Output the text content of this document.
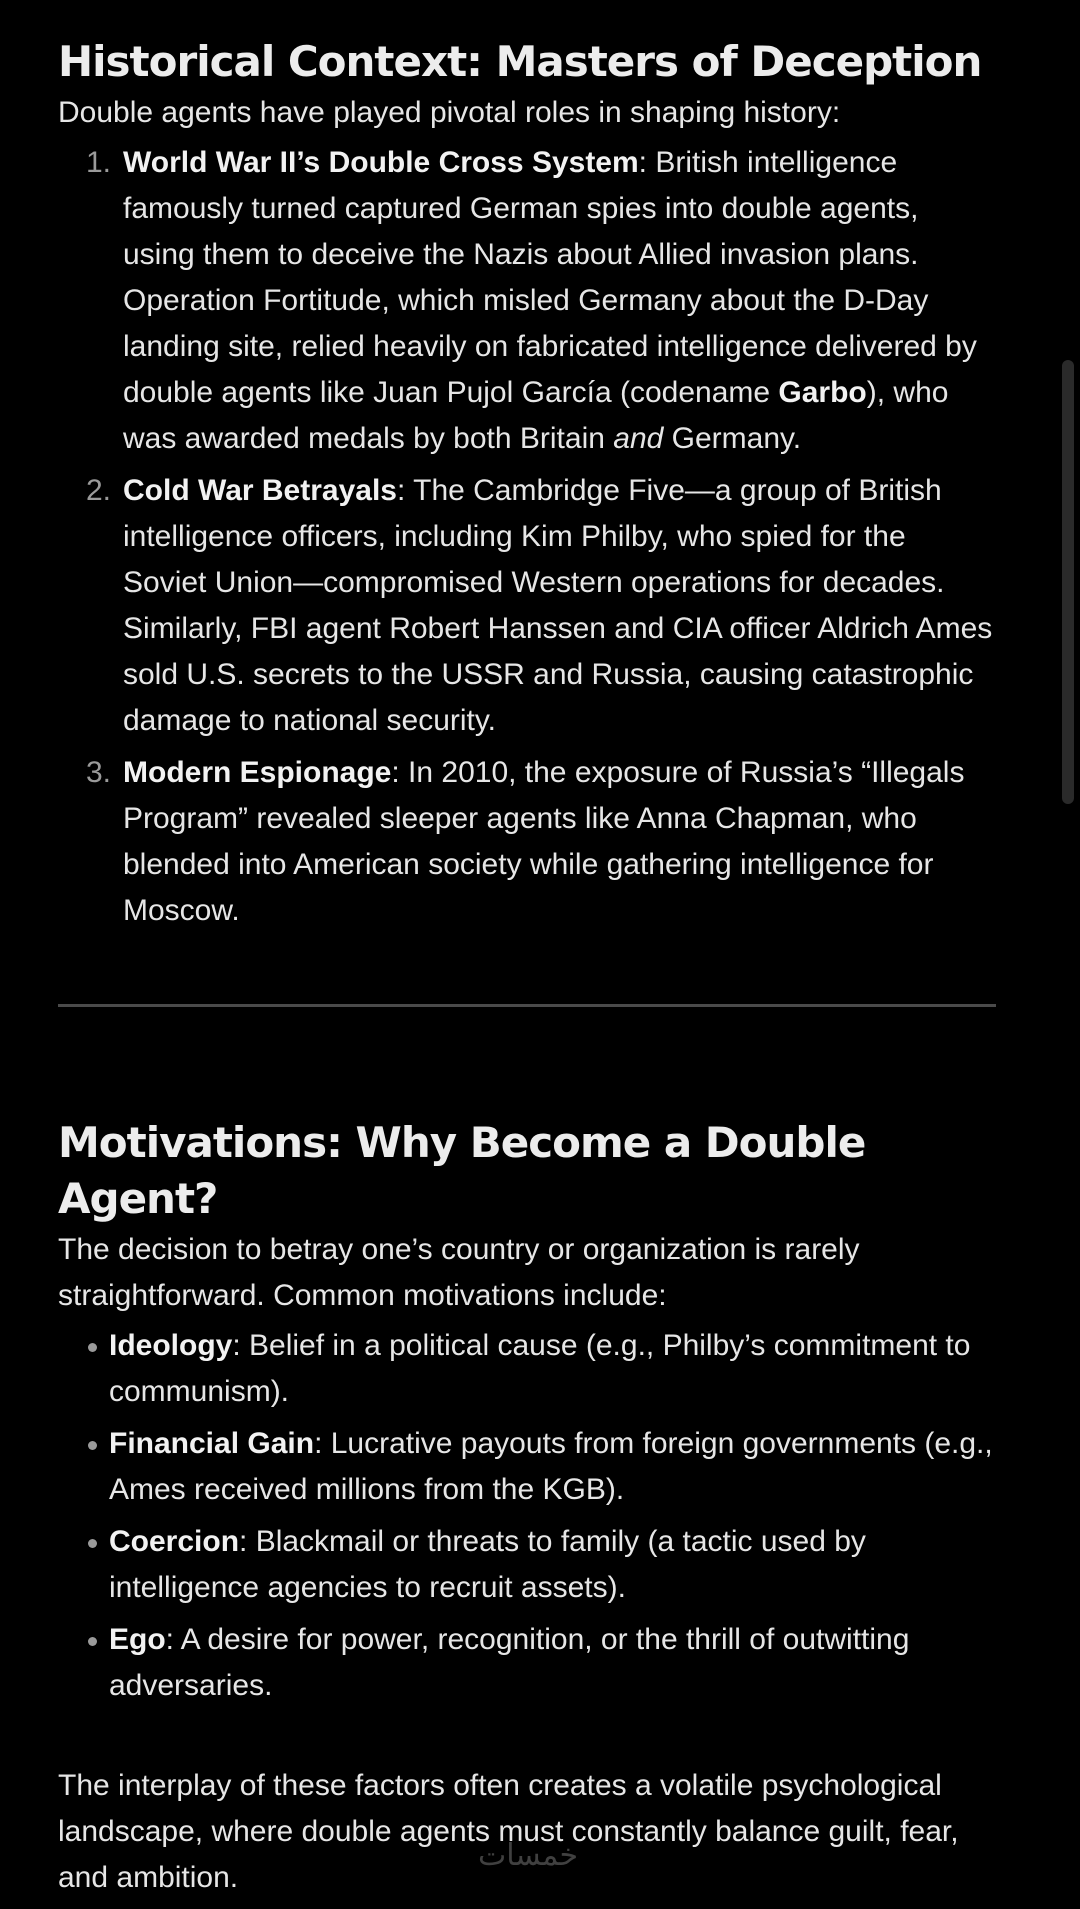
Historical Context: Masters of Deception

Double agents have played pivotal roles in shaping history:

1. World War II’s Double Cross System: British intelligence famously turned captured German spies into double agents, using them to deceive the Nazis about Allied invasion plans. Operation Fortitude, which misled Germany about the D-Day landing site, relied heavily on fabricated intelligence delivered by double agents like Juan Pujol García (codename Garbo), who was awarded medals by both Britain and Germany.
2. Cold War Betrayals: The Cambridge Five—a group of British intelligence officers, including Kim Philby, who spied for the Soviet Union—compromised Western operations for decades. Similarly, FBI agent Robert Hanssen and CIA officer Aldrich Ames sold U.S. secrets to the USSR and Russia, causing catastrophic damage to national security.
3. Modern Espionage: In 2010, the exposure of Russia’s “Illegals Program” revealed sleeper agents like Anna Chapman, who blended into American society while gathering intelligence for Moscow.
Motivations: Why Become a Double Agent?

The decision to betray one’s country or organization is rarely straightforward. Common motivations include:

Ideology: Belief in a political cause (e.g., Philby’s commitment to communism).
Financial Gain: Lucrative payouts from foreign governments (e.g., Ames received millions from the KGB).
Coercion: Blackmail or threats to family (a tactic used by intelligence agencies to recruit assets).
Ego: A desire for power, recognition, or the thrill of outwitting adversaries.

The interplay of these factors often creates a volatile psychological landscape, where double agents must constantly balance guilt, fear, and ambition.

خمسات
